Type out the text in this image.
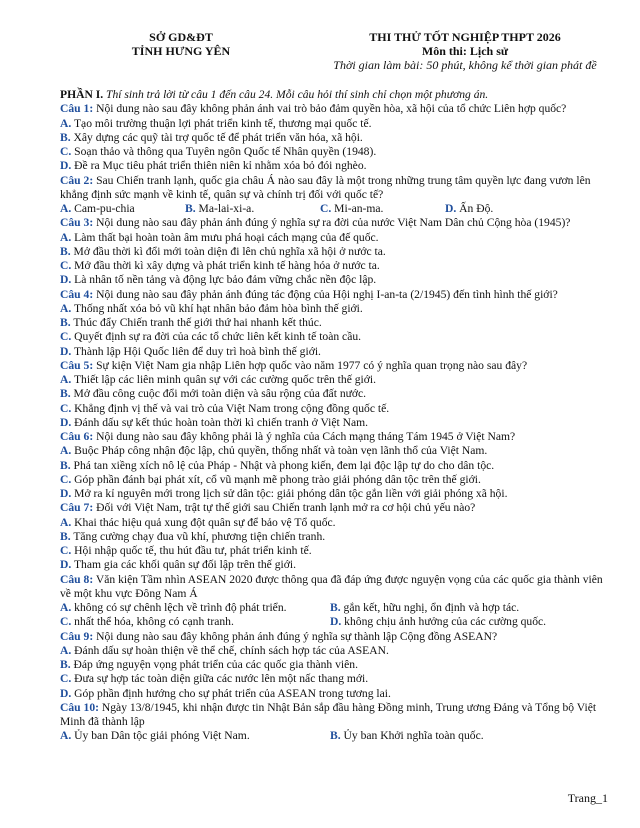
SỞ GD&ĐT
TỈNH HƯNG YÊN
THI THỬ TỐT NGHIỆP THPT 2026
Môn thi: Lịch sử
Thời gian làm bài: 50 phút, không kể thời gian phát đề
PHẦN I. Thí sinh trả lời từ câu 1 đến câu 24. Mỗi câu hỏi thí sinh chỉ chọn một phương án.
Câu 1: Nội dung nào sau đây không phản ánh vai trò bảo đảm quyền hòa, xã hội của tổ chức Liên hợp quốc?
A. Tạo môi trường thuận lợi phát triển kinh tế, thương mại quốc tế.
B. Xây dựng các quỹ tài trợ quốc tế để phát triển văn hóa, xã hội.
C. Soạn thảo và thông qua Tuyên ngôn Quốc tế Nhân quyền (1948).
D. Đề ra Mục tiêu phát triển thiên niên kỉ nhằm xóa bỏ đói nghèo.
Câu 2: Sau Chiến tranh lạnh, quốc gia châu Á nào sau đây là một trong những trung tâm quyền lực đang vươn lên khẳng định sức mạnh về kinh tế, quân sự và chính trị đối với quốc tế?
A. Cam-pu-chia	B. Ma-lai-xi-a.	C. Mi-an-ma.	D. Ấn Độ.
Câu 3: Nội dung nào sau đây phản ánh đúng ý nghĩa sự ra đời của nước Việt Nam Dân chủ Cộng hòa (1945)?
A. Làm thất bại hoàn toàn âm mưu phá hoại cách mạng của đế quốc.
B. Mở đầu thời kì đổi mới toàn diện đi lên chủ nghĩa xã hội ở nước ta.
C. Mở đầu thời kì xây dựng và phát triển kinh tế hàng hóa ở nước ta.
D. Là nhân tố nền tảng và động lực bảo đảm vững chắc nền độc lập.
Câu 4: Nội dung nào sau đây phản ánh đúng tác động của Hội nghị I-an-ta (2/1945) đến tình hình thế giới?
A. Thống nhất xóa bỏ vũ khí hạt nhân bảo đảm hòa bình thế giới.
B. Thúc đẩy Chiến tranh thế giới thứ hai nhanh kết thúc.
C. Quyết định sự ra đời của các tổ chức liên kết kinh tế toàn cầu.
D. Thành lập Hội Quốc liên để duy trì hoà bình thế giới.
Câu 5: Sự kiện Việt Nam gia nhập Liên hợp quốc vào năm 1977 có ý nghĩa quan trọng nào sau đây?
A. Thiết lập các liên minh quân sự với các cường quốc trên thế giới.
B. Mở đầu công cuộc đổi mới toàn diện và sâu rộng của đất nước.
C. Khẳng định vị thế và vai trò của Việt Nam trong cộng đồng quốc tế.
D. Đánh dấu sự kết thúc hoàn toàn thời kì chiến tranh ở Việt Nam.
Câu 6: Nội dung nào sau đây không phải là ý nghĩa của Cách mạng tháng Tám 1945 ở Việt Nam?
A. Buộc Pháp công nhận độc lập, chủ quyền, thống nhất và toàn vẹn lãnh thổ của Việt Nam.
B. Phá tan xiềng xích nô lệ của Pháp - Nhật và phong kiến, đem lại độc lập tự do cho dân tộc.
C. Góp phần đánh bại phát xít, cổ vũ mạnh mẽ phong trào giải phóng dân tộc trên thế giới.
D. Mở ra kỉ nguyên mới trong lịch sử dân tộc: giải phóng dân tộc gắn liền với giải phóng xã hội.
Câu 7: Đối với Việt Nam, trật tự thế giới sau Chiến tranh lạnh mở ra cơ hội chủ yếu nào?
A. Khai thác hiệu quả xung đột quân sự để bảo vệ Tổ quốc.
B. Tăng cường chạy đua vũ khí, phương tiện chiến tranh.
C. Hội nhập quốc tế, thu hút đầu tư, phát triển kinh tế.
D. Tham gia các khối quân sự đối lập trên thế giới.
Câu 8: Văn kiện Tầm nhìn ASEAN 2020 được thông qua đã đáp ứng được nguyện vọng của các quốc gia thành viên về một khu vực Đông Nam Á
A. không có sự chênh lệch về trình độ phát triển.	B. gắn kết, hữu nghị, ổn định và hợp tác.
C. nhất thể hóa, không có cạnh tranh.	D. không chịu ảnh hưởng của các cường quốc.
Câu 9: Nội dung nào sau đây không phản ánh đúng ý nghĩa sự thành lập Cộng đồng ASEAN?
A. Đánh dấu sự hoàn thiện về thể chế, chính sách hợp tác của ASEAN.
B. Đáp ứng nguyện vọng phát triển của các quốc gia thành viên.
C. Đưa sự hợp tác toàn diện giữa các nước lên một nấc thang mới.
D. Góp phần định hướng cho sự phát triển của ASEAN trong tương lai.
Câu 10: Ngày 13/8/1945, khi nhận được tin Nhật Bản sắp đầu hàng Đồng minh, Trung ương Đảng và Tổng bộ Việt Minh đã thành lập
A. Ủy ban Dân tộc giải phóng Việt Nam.	B. Ủy ban Khởi nghĩa toàn quốc.
Trang_1
